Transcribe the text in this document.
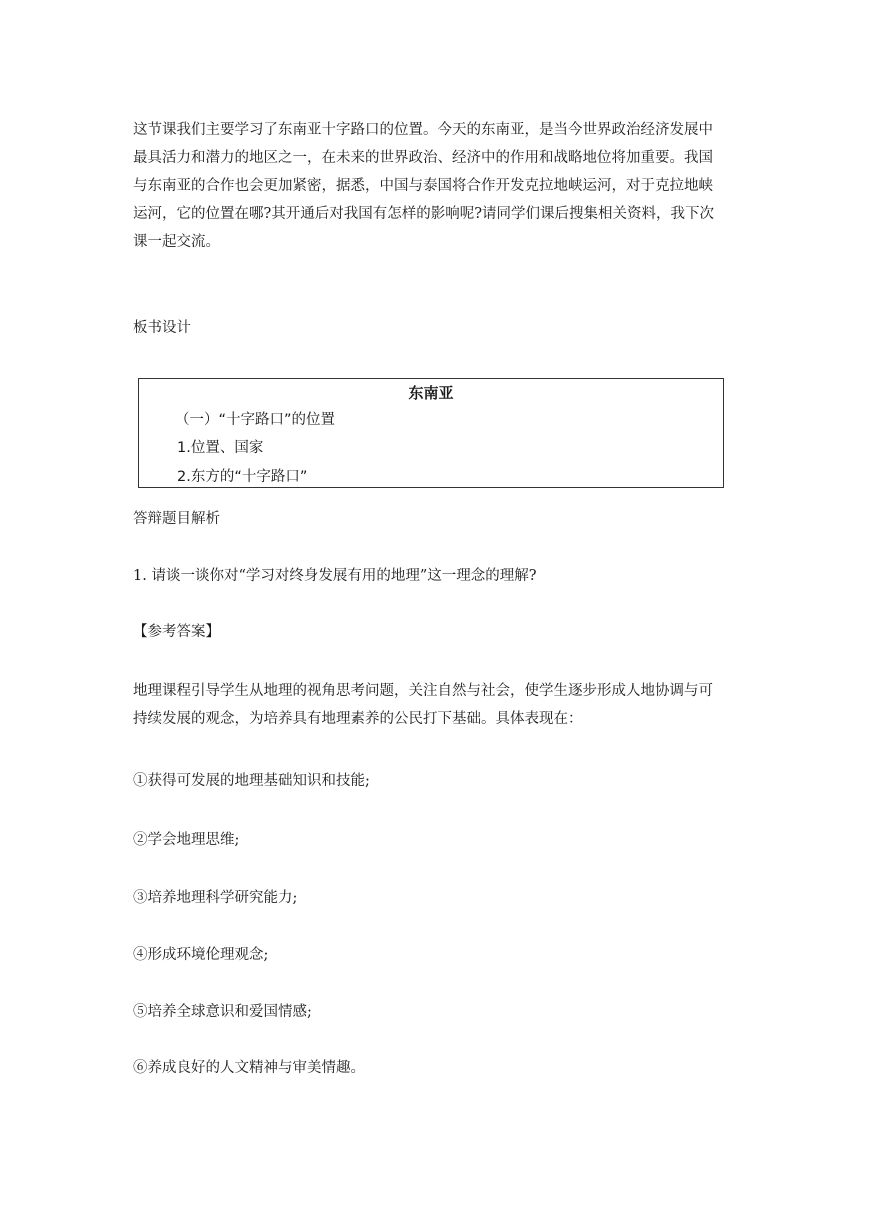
这节课我们主要学习了东南亚十字路口的位置。今天的东南亚，是当今世界政治经济发展中
最具活力和潜力的地区之一，在未来的世界政治、经济中的作用和战略地位将加重要。我国
与东南亚的合作也会更加紧密，据悉，中国与泰国将合作开发克拉地峡运河，对于克拉地峡
运河，它的位置在哪?其开通后对我国有怎样的影响呢?请同学们课后搜集相关资料，我下次
课一起交流。

板书设计

东南亚
（一）“十字路口”的位置
1.位置、国家
2.东方的“十字路口”

答辩题目解析

1. 请谈一谈你对“学习对终身发展有用的地理”这一理念的理解?

【参考答案】

地理课程引导学生从地理的视角思考问题，关注自然与社会，使学生逐步形成人地协调与可
持续发展的观念，为培养具有地理素养的公民打下基础。具体表现在：

①获得可发展的地理基础知识和技能;

②学会地理思维;

③培养地理科学研究能力;

④形成环境伦理观念;

⑤培养全球意识和爱国情感;

⑥养成良好的人文精神与审美情趣。
